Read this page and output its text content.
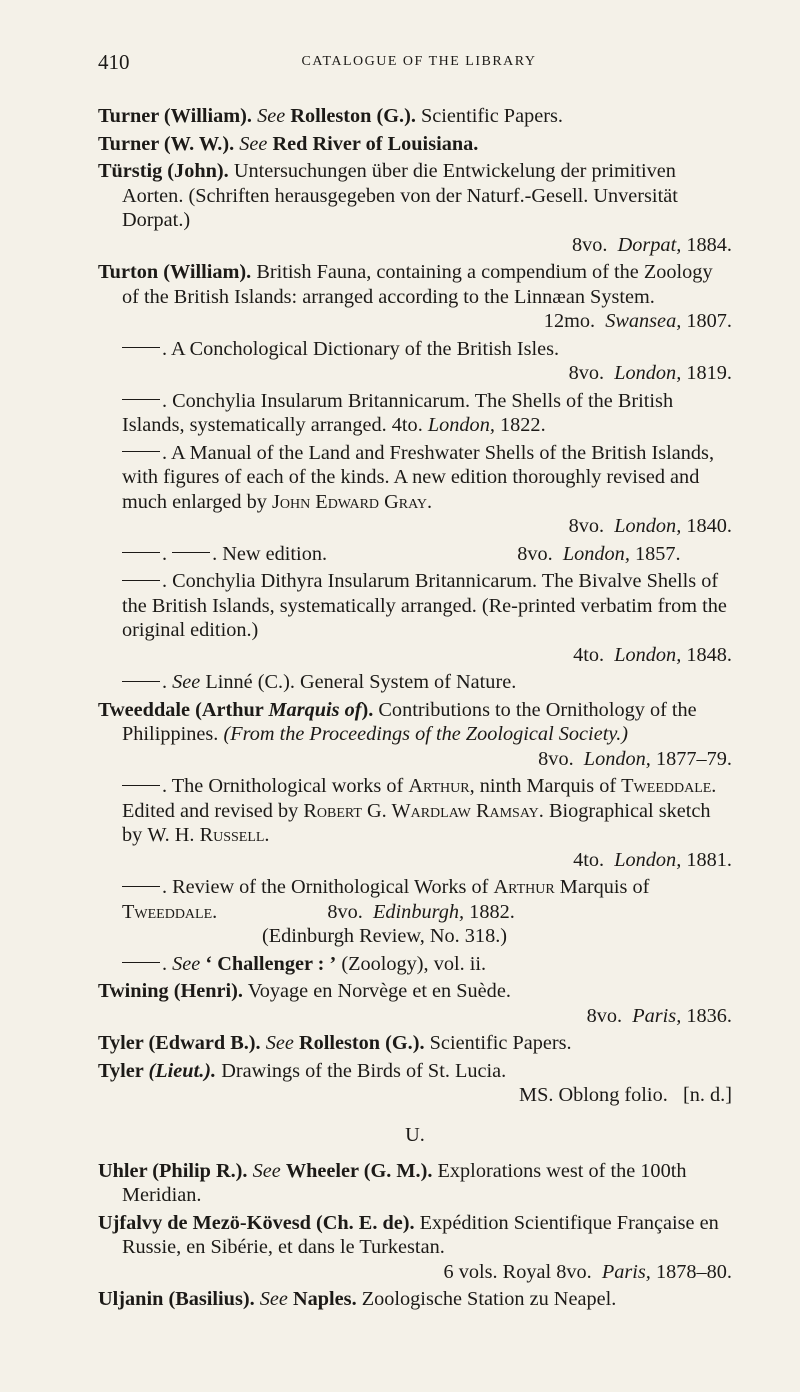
410	CATALOGUE OF THE LIBRARY
Turner (William). See Rolleston (G.). Scientific Papers.
Turner (W. W.). See Red River of Louisiana.
Türstig (John). Untersuchungen über die Entwickelung der primitiven Aorten. (Schriften herausgegeben von der Naturf.-Gesell. Unversität Dorpat.)
8vo. Dorpat, 1884.
Turton (William). British Fauna, containing a compendium of the Zoology of the British Islands: arranged according to the Linnæan System.
12mo. Swansea, 1807.
. A Conchological Dictionary of the British Isles.
8vo. London, 1819.
. Conchylia Insularum Britannicarum. The Shells of the British Islands, systematically arranged. 4to. London, 1822.
. A Manual of the Land and Freshwater Shells of the British Islands, with figures of each of the kinds. A new edition thoroughly revised and much enlarged by John Edward Gray.
8vo. London, 1840.
. . New edition.	8vo. London, 1857.
. Conchylia Dithyra Insularum Britannicarum. The Bivalve Shells of the British Islands, systematically arranged. (Re-printed verbatim from the original edition.)
4to. London, 1848.
. See Linné (C.). General System of Nature.
Tweeddale (Arthur Marquis of). Contributions to the Ornithology of the Philippines. (From the Proceedings of the Zoological Society.)
8vo. London, 1877–79.
. The Ornithological works of Arthur, ninth Marquis of Tweeddale. Edited and revised by Robert G. Wardlaw Ramsay. Biographical sketch by W. H. Russell.
4to. London, 1881.
. Review of the Ornithological Works of Arthur Marquis of Tweeddale.	8vo. Edinburgh, 1882.
(Edinburgh Review, No. 318.)
. See ‘ Challenger : ’ (Zoology), vol. ii.
Twining (Henri). Voyage en Norvège et en Suède.
8vo. Paris, 1836.
Tyler (Edward B.). See Rolleston (G.). Scientific Papers.
Tyler (Lieut.). Drawings of the Birds of St. Lucia.
MS. Oblong folio. [n. d.]
U.
Uhler (Philip R.). See Wheeler (G. M.). Explorations west of the 100th Meridian.
Ujfalvy de Mezö-Kövesd (Ch. E. de). Expédition Scientifique Française en Russie, en Sibérie, et dans le Turkestan.
6 vols. Royal 8vo. Paris, 1878–80.
Uljanin (Basilius). See Naples. Zoologische Station zu Neapel.
